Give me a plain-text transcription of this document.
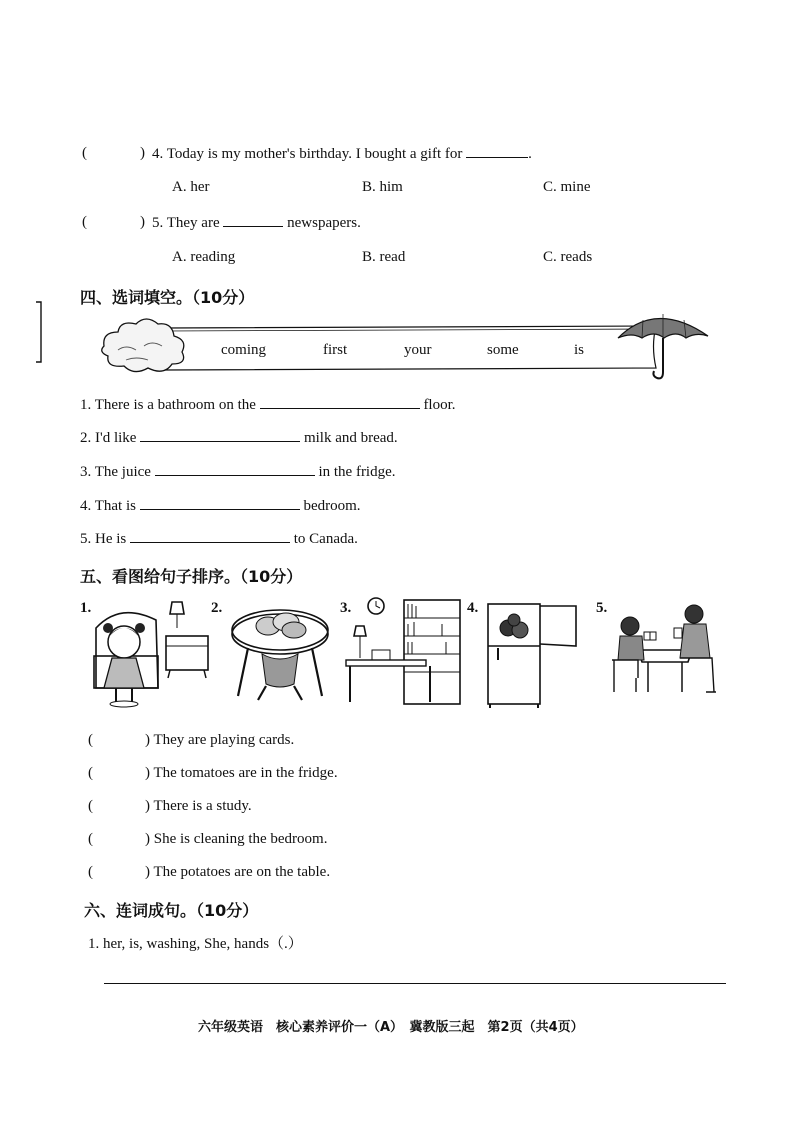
(	) 4. Today is my mother's birthday. I bought a gift for	.
A. her	B. him	C. mine
(	) 5. They are	newspapers.
A. reading	B. read	C. reads
四、选词填空。（10分）
coming	first	your	some	is
1. There is a bathroom on the	floor.
2. I'd like	milk and bread.
3. The juice	in the fridge.
4. That is	bedroom.
5. He is	to Canada.
五、看图给句子排序。（10分）
1.	2.	3.	4.	5.
(	) They are playing cards.
(	) The tomatoes are in the fridge.
(	) There is a study.
(	) She is cleaning the bedroom.
(	) The potatoes are on the table.
六、连词成句。（10分）
1. her, is, washing, She, hands（.）
六年级英语　核心素养评价一（A）　冀教版三起　第2页（共4页）
